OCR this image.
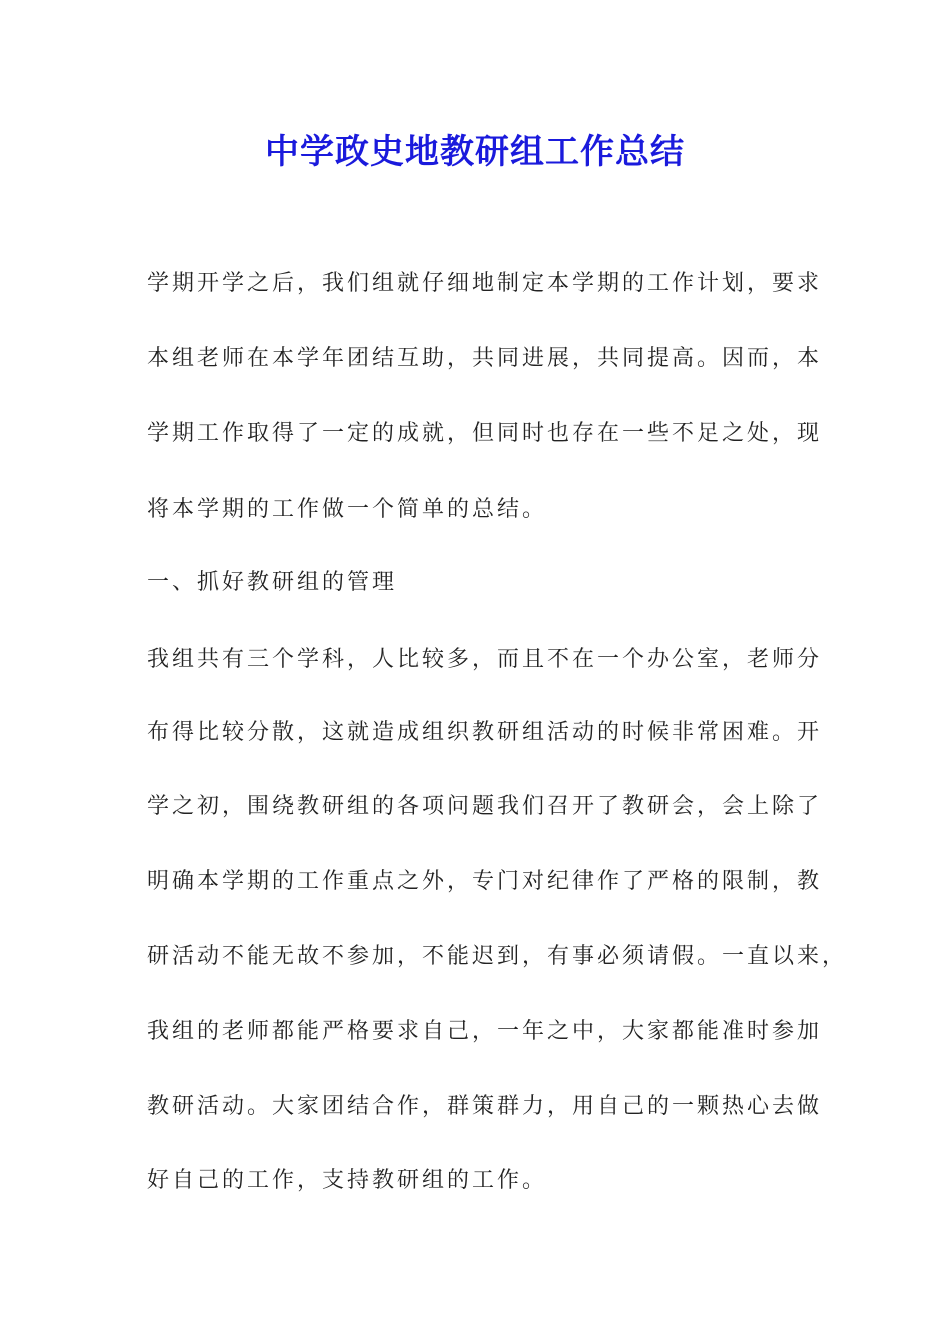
中学政史地教研组工作总结
学期开学之后，我们组就仔细地制定本学期的工作计划，要求
本组老师在本学年团结互助，共同进展，共同提高。因而，本
学期工作取得了一定的成就，但同时也存在一些不足之处，现
将本学期的工作做一个简单的总结。
一、抓好教研组的管理
我组共有三个学科，人比较多，而且不在一个办公室，老师分
布得比较分散，这就造成组织教研组活动的时候非常困难。开
学之初，围绕教研组的各项问题我们召开了教研会，会上除了
明确本学期的工作重点之外，专门对纪律作了严格的限制，教
研活动不能无故不参加，不能迟到，有事必须请假。一直以来，
我组的老师都能严格要求自己，一年之中，大家都能准时参加
教研活动。大家团结合作，群策群力，用自己的一颗热心去做
好自己的工作，支持教研组的工作。
